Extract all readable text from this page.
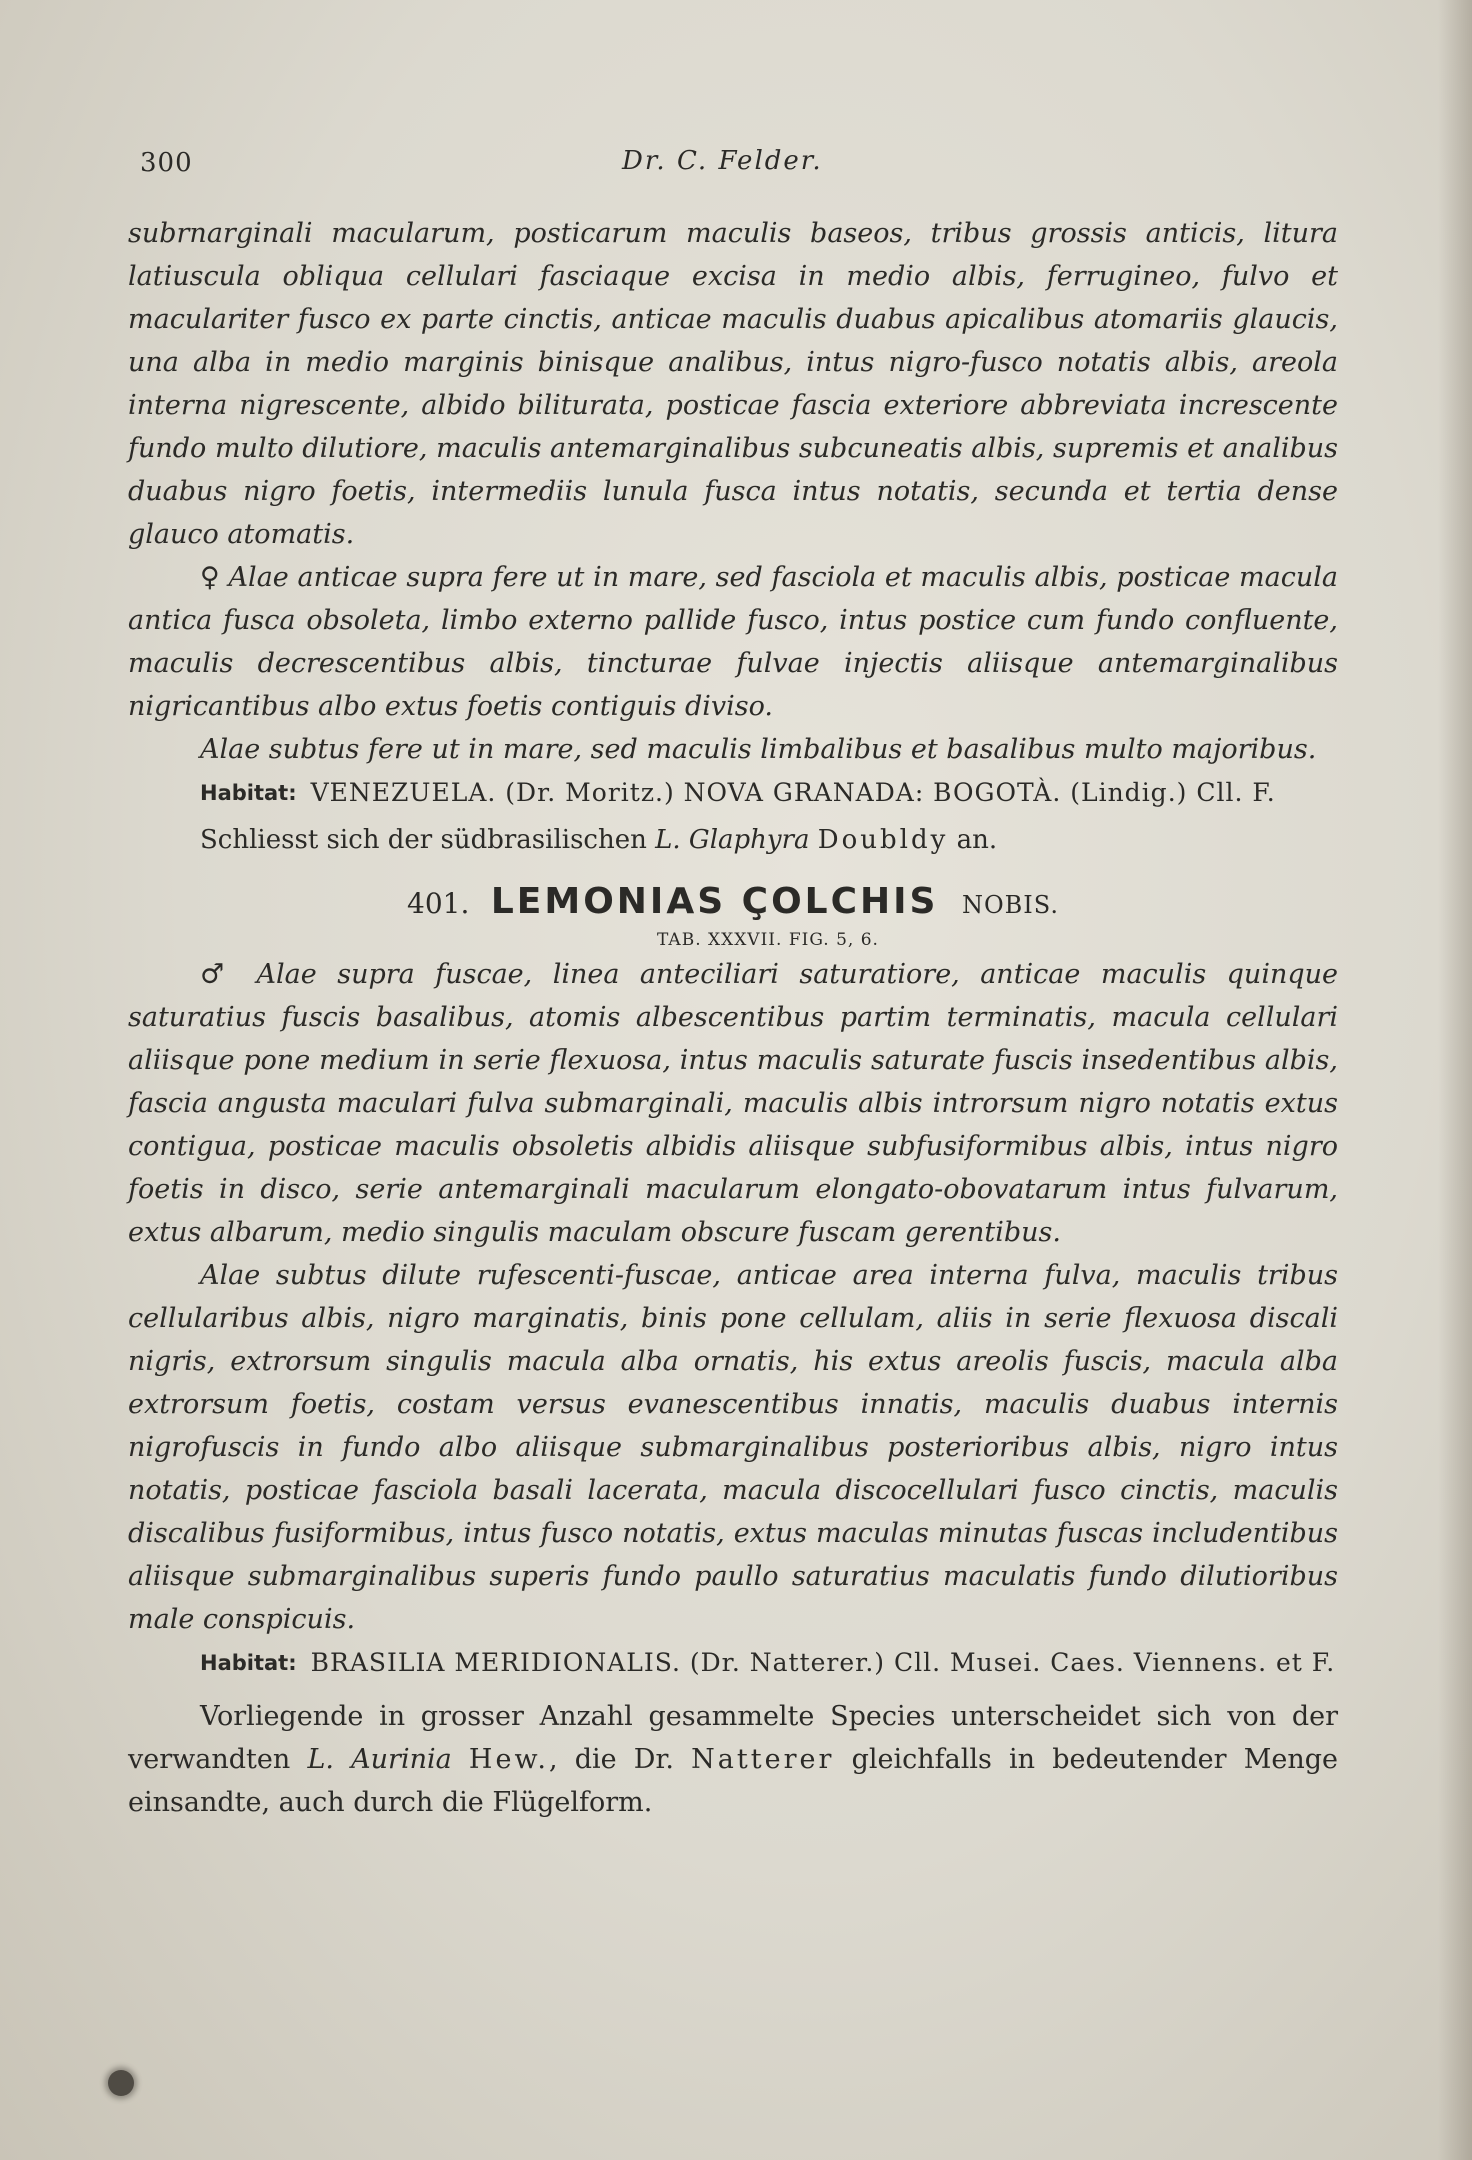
300	Dr. C. Felder.

subrnarginali macularum, posticarum maculis baseos, tribus grossis anticis, litura latiuscula obliqua cellulari fasciaque excisa in medio albis, ferrugineo, fulvo et maculariter fusco ex parte cinctis, anticae maculis duabus apicalibus atomariis glaucis, una alba in medio marginis binisque analibus, intus nigro-fusco notatis albis, areola interna nigrescente, albido biliturata, posticae fascia exteriore abbreviata increscente fundo multo dilutiore, maculis antemarginalibus subcuneatis albis, supremis et analibus duabus nigro foetis, intermediis lunula fusca intus notatis, secunda et tertia dense glauco atomatis.

♀ Alae anticae supra fere ut in mare, sed fasciola et maculis albis, posticae macula antica fusca obsoleta, limbo externo pallide fusco, intus postice cum fundo confluente, maculis decrescentibus albis, tincturae fulvae injectis aliisque antemarginalibus nigricantibus albo extus foetis contiguis diviso.

Alae subtus fere ut in mare, sed maculis limbalibus et basalibus multo majoribus.

Habitat: VENEZUELA. (Dr. Moritz.) NOVA GRANADA: BOGOTÀ. (Lindig.) Cll. F.

Schliesst sich der südbrasilischen L. Glaphyra Doubldy an.

401. LEMONIAS ÇOLCHIS NOBIS.
TAB. XXXVII. FIG. 5, 6.

♂ Alae supra fuscae, linea anteciliari saturatiore, anticae maculis quinque saturatius fuscis basalibus, atomis albescentibus partim terminatis, macula cellulari aliisque pone medium in serie flexuosa, intus maculis saturate fuscis insedentibus albis, fascia angusta maculari fulva submarginali, maculis albis introrsum nigro notatis extus contigua, posticae maculis obsoletis albidis aliisque subfusiformibus albis, intus nigro foetis in disco, serie antemarginali macularum elongato-obovatarum intus fulvarum, extus albarum, medio singulis maculam obscure fuscam gerentibus.

Alae subtus dilute rufescenti-fuscae, anticae area interna fulva, maculis tribus cellularibus albis, nigro marginatis, binis pone cellulam, aliis in serie flexuosa discali nigris, extrorsum singulis macula alba ornatis, his extus areolis fuscis, macula alba extrorsum foetis, costam versus evanescentibus innatis, maculis duabus internis nigrofuscis in fundo albo aliisque submarginalibus posterioribus albis, nigro intus notatis, posticae fasciola basali lacerata, macula discocellulari fusco cinctis, maculis discalibus fusiformibus, intus fusco notatis, extus maculas minutas fuscas includentibus aliisque submarginalibus superis fundo paullo saturatius maculatis fundo dilutioribus male conspicuis.

Habitat: BRASILIA MERIDIONALIS. (Dr. Natterer.) Cll. Musei. Caes. Viennens. et F.

Vorliegende in grosser Anzahl gesammelte Species unterscheidet sich von der verwandten L. Aurinia Hew., die Dr. Natterer gleichfalls in bedeutender Menge einsandte, auch durch die Flügelform.
